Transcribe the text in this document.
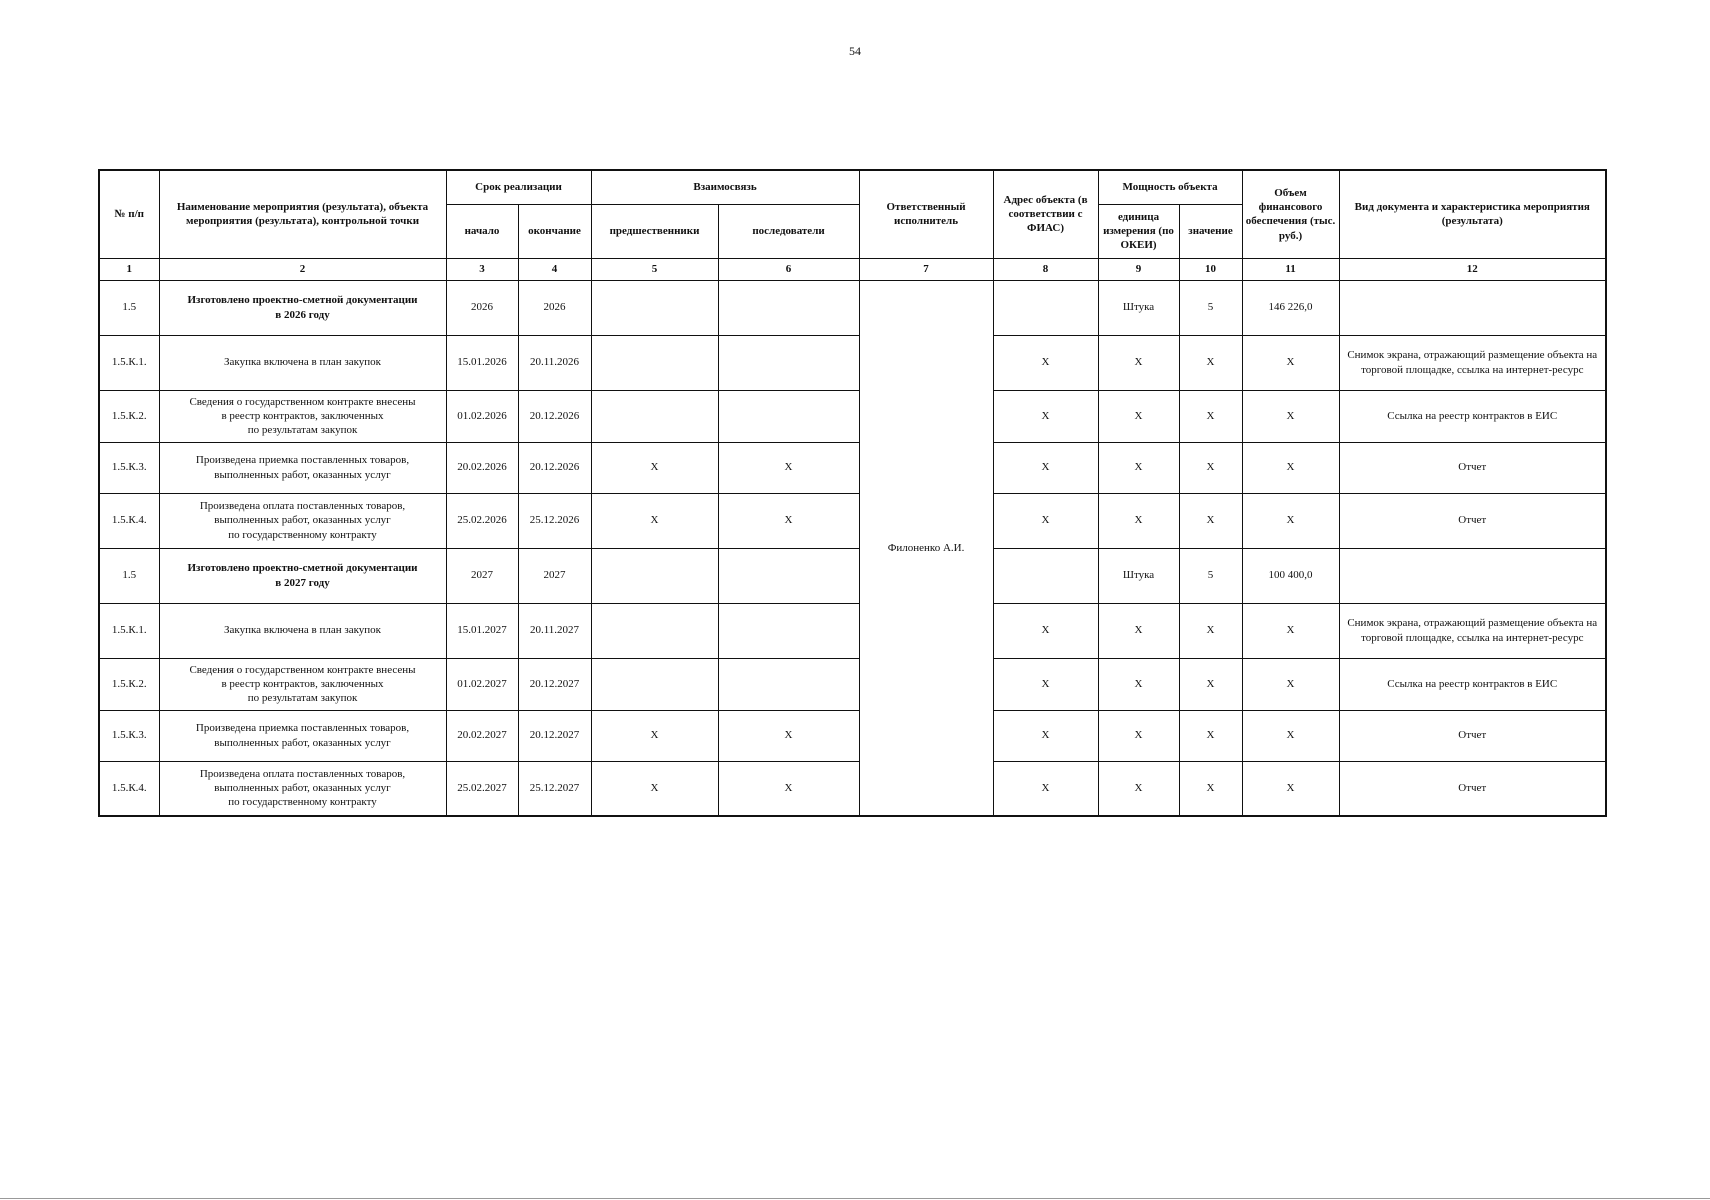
54
№ п/п	Наименование мероприятия (результата), объекта мероприятия (результата), контрольной точки	Срок реализации		Взаимосвязь		Ответственный исполнитель	Адрес объекта (в соответствии с ФИАС)	Мощность объекта		Объем финансового обеспечения (тыс. руб.)	Вид документа и характеристика мероприятия (результата)
		начало	окончание	предшественники	последователи			единица измерения (по ОКЕИ)	значение		
1	2	3	4	5	6	7	8	9	10	11	12
1.5	Изготовлено проектно-сметной документации
в 2026 году	2026	2026			Филоненко А.И.		Штука	5	146 226,0	
1.5.К.1.	Закупка включена в план закупок	15.01.2026	20.11.2026				X	X	X	X	Снимок экрана, отражающий размещение объекта на торговой площадке, ссылка на интернет-ресурс
1.5.К.2.	Сведения о государственном контракте внесены
в реестр контрактов, заключенных
по результатам закупок	01.02.2026	20.12.2026				X	X	X	X	Ссылка на реестр контрактов в ЕИС
1.5.К.3.	Произведена приемка поставленных товаров,
выполненных работ, оказанных услуг	20.02.2026	20.12.2026	X	X		X	X	X	X	Отчет
1.5.К.4.	Произведена оплата поставленных товаров,
выполненных работ, оказанных услуг
по государственному контракту	25.02.2026	25.12.2026	X	X		X	X	X	X	Отчет
1.5	Изготовлено проектно-сметной документации
в 2027 году	2027	2027					Штука	5	100 400,0	
1.5.К.1.	Закупка включена в план закупок	15.01.2027	20.11.2027				X	X	X	X	Снимок экрана, отражающий размещение объекта на торговой площадке, ссылка на интернет-ресурс
1.5.К.2.	Сведения о государственном контракте внесены
в реестр контрактов, заключенных
по результатам закупок	01.02.2027	20.12.2027				X	X	X	X	Ссылка на реестр контрактов в ЕИС
1.5.К.3.	Произведена приемка поставленных товаров,
выполненных работ, оказанных услуг	20.02.2027	20.12.2027	X	X		X	X	X	X	Отчет
1.5.К.4.	Произведена оплата поставленных товаров,
выполненных работ, оказанных услуг
по государственному контракту	25.02.2027	25.12.2027	X	X		X	X	X	X	Отчет
